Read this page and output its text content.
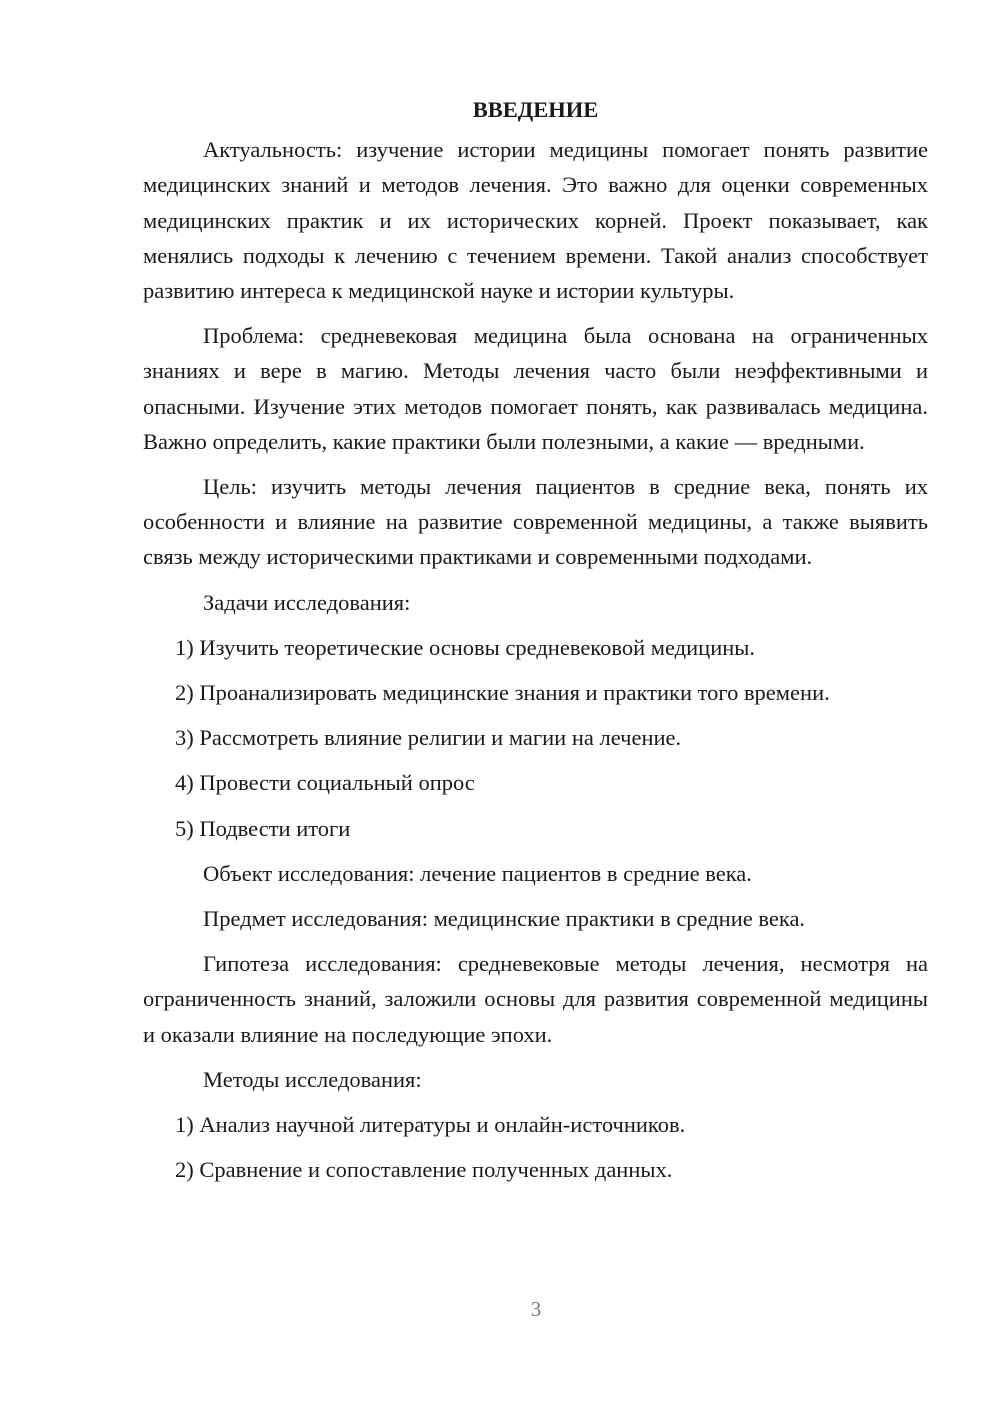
ВВЕДЕНИЕ

Актуальность: изучение истории медицины помогает понять развитие медицинских знаний и методов лечения. Это важно для оценки современных медицинских практик и их исторических корней. Проект показывает, как менялись подходы к лечению с течением времени. Такой анализ способствует развитию интереса к медицинской науке и истории культуры.

Проблема: средневековая медицина была основана на ограниченных знаниях и вере в магию. Методы лечения часто были неэффективными и опасными. Изучение этих методов помогает понять, как развивалась медицина. Важно определить, какие практики были полезными, а какие — вредными.

Цель: изучить методы лечения пациентов в средние века, понять их особенности и влияние на развитие современной медицины, а также выявить связь между историческими практиками и современными подходами.

Задачи исследования:
1) Изучить теоретические основы средневековой медицины.
2) Проанализировать медицинские знания и практики того времени.
3) Рассмотреть влияние религии и магии на лечение.
4) Провести социальный опрос
5) Подвести итоги
Объект исследования: лечение пациентов в средние века.
Предмет исследования: медицинские практики в средние века.

Гипотеза исследования: средневековые методы лечения, несмотря на ограниченность знаний, заложили основы для развития современной медицины и оказали влияние на последующие эпохи.

Методы исследования:
1) Анализ научной литературы и онлайн-источников.
2) Сравнение и сопоставление полученных данных.
3
